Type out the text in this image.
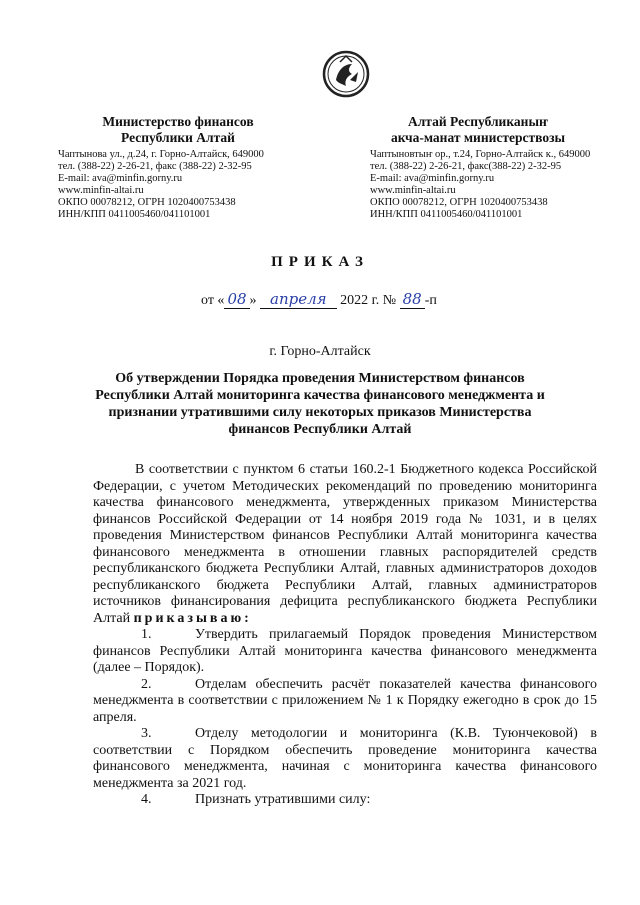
Министерство финансов
Республики Алтай
Чаптынова ул., д.24, г. Горно-Алтайск, 649000
тел. (388-22) 2-26-21, факс (388-22) 2-32-95
E-mail: ava@minfin.gorny.ru
www.minfin-altai.ru
ОКПО 00078212, ОГРН 1020400753438
ИНН/КПП 0411005460/041101001
Алтай Республиканыҥ
акча-манат министерствозы
Чаптыновтыҥ ор., т.24, Горно-Алтайск к., 649000
тел. (388-22) 2-26-21, факс(388-22) 2-32-95
E-mail: ava@minfin.gorny.ru
www.minfin-altai.ru
ОКПО 00078212, ОГРН 1020400753438
ИНН/КПП 0411005460/041101001
ПРИКАЗ
от « 08 » апреля 2022 г. № 88 -п
г. Горно-Алтайск
Об утверждении Порядка проведения Министерством финансов Республики Алтай мониторинга качества финансового менеджмента и признании утратившими силу некоторых приказов Министерства финансов Республики Алтай

В соответствии с пунктом 6 статьи 160.2-1 Бюджетного кодекса Российской Федерации, с учетом Методических рекомендаций по проведению мониторинга качества финансового менеджмента, утвержденных приказом Министерства финансов Российской Федерации от 14 ноября 2019 года № 1031, и в целях проведения Министерством финансов Республики Алтай мониторинга качества финансового менеджмента в отношении главных распорядителей средств республиканского бюджета Республики Алтай, главных администраторов доходов республиканского бюджета Республики Алтай, главных администраторов источников финансирования дефицита республиканского бюджета Республики Алтай приказываю:

1.	Утвердить прилагаемый Порядок проведения Министерством финансов Республики Алтай мониторинга качества финансового менеджмента (далее – Порядок).

2.	Отделам обеспечить расчёт показателей качества финансового менеджмента в соответствии с приложением № 1 к Порядку ежегодно в срок до 15 апреля.

3.	Отделу методологии и мониторинга (К.В. Туюнчековой) в соответствии с Порядком обеспечить проведение мониторинга качества финансового менеджмента, начиная с мониторинга качества финансового менеджмента за 2021 год.

4.	Признать утратившими силу:
